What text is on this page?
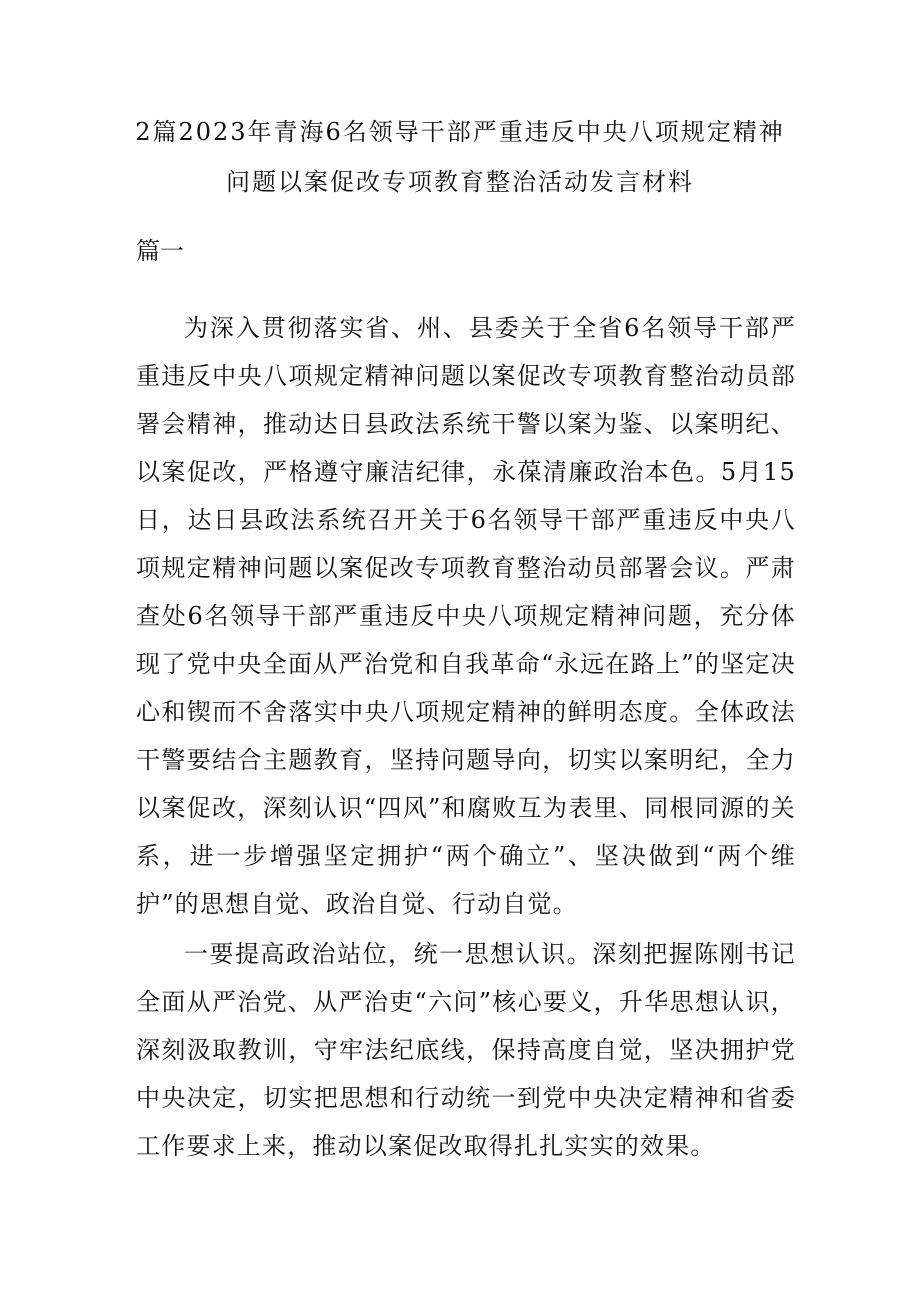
2篇2023年青海6名领导干部严重违反中央八项规定精神
问题以案促改专项教育整治活动发言材料
篇一

为深入贯彻落实省、州、县委关于全省6名领导干部严重违反中央八项规定精神问题以案促改专项教育整治动员部署会精神，推动达日县政法系统干警以案为鉴、以案明纪、以案促改，严格遵守廉洁纪律，永葆清廉政治本色。5月15日，达日县政法系统召开关于6名领导干部严重违反中央八项规定精神问题以案促改专项教育整治动员部署会议。严肃查处6名领导干部严重违反中央八项规定精神问题，充分体现了党中央全面从严治党和自我革命“永远在路上”的坚定决心和锲而不舍落实中央八项规定精神的鲜明态度。全体政法干警要结合主题教育，坚持问题导向，切实以案明纪，全力以案促改，深刻认识“四风”和腐败互为表里、同根同源的关系，进一步增强坚定拥护“两个确立”、坚决做到“两个维护”的思想自觉、政治自觉、行动自觉。

一要提高政治站位，统一思想认识。深刻把握陈刚书记全面从严治党、从严治吏“六问”核心要义，升华思想认识，深刻汲取教训，守牢法纪底线，保持高度自觉，坚决拥护党中央决定，切实把思想和行动统一到党中央决定精神和省委工作要求上来，推动以案促改取得扎扎实实的效果。
